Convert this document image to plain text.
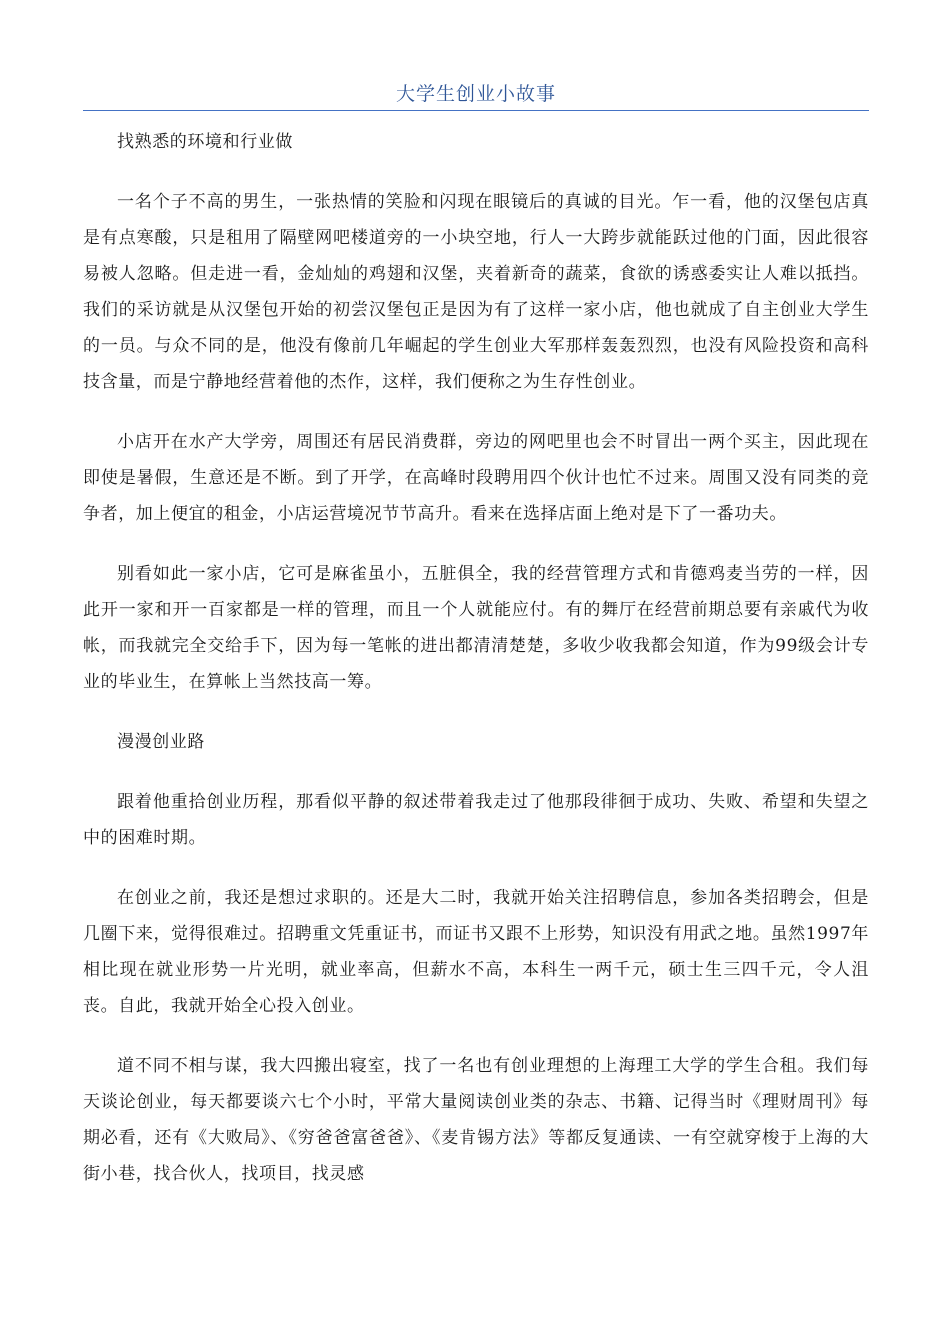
大学生创业小故事

找熟悉的环境和行业做

一名个子不高的男生，一张热情的笑脸和闪现在眼镜后的真诚的目光。乍一看，他的汉堡包店真是有点寒酸，只是租用了隔壁网吧楼道旁的一小块空地，行人一大跨步就能跃过他的门面，因此很容易被人忽略。但走进一看，金灿灿的鸡翅和汉堡，夹着新奇的蔬菜，食欲的诱惑委实让人难以抵挡。我们的采访就是从汉堡包开始的初尝汉堡包正是因为有了这样一家小店，他也就成了自主创业大学生的一员。与众不同的是，他没有像前几年崛起的学生创业大军那样轰轰烈烈，也没有风险投资和高科技含量，而是宁静地经营着他的杰作，这样，我们便称之为生存性创业。

小店开在水产大学旁，周围还有居民消费群，旁边的网吧里也会不时冒出一两个买主，因此现在即使是暑假，生意还是不断。到了开学，在高峰时段聘用四个伙计也忙不过来。周围又没有同类的竞争者，加上便宜的租金，小店运营境况节节高升。看来在选择店面上绝对是下了一番功夫。

别看如此一家小店，它可是麻雀虽小，五脏俱全，我的经营管理方式和肯德鸡麦当劳的一样，因此开一家和开一百家都是一样的管理，而且一个人就能应付。有的舞厅在经营前期总要有亲戚代为收帐，而我就完全交给手下，因为每一笔帐的进出都清清楚楚，多收少收我都会知道，作为99级会计专业的毕业生，在算帐上当然技高一筹。

漫漫创业路

跟着他重拾创业历程，那看似平静的叙述带着我走过了他那段徘徊于成功、失败、希望和失望之中的困难时期。

在创业之前，我还是想过求职的。还是大二时，我就开始关注招聘信息，参加各类招聘会，但是几圈下来，觉得很难过。招聘重文凭重证书，而证书又跟不上形势，知识没有用武之地。虽然1997年相比现在就业形势一片光明，就业率高，但薪水不高，本科生一两千元，硕士生三四千元，令人沮丧。自此，我就开始全心投入创业。

道不同不相与谋，我大四搬出寝室，找了一名也有创业理想的上海理工大学的学生合租。我们每天谈论创业，每天都要谈六七个小时，平常大量阅读创业类的杂志、书籍、记得当时《理财周刊》每期必看，还有《大败局》、《穷爸爸富爸爸》、《麦肯锡方法》等都反复通读、一有空就穿梭于上海的大街小巷，找合伙人，找项目，找灵感
